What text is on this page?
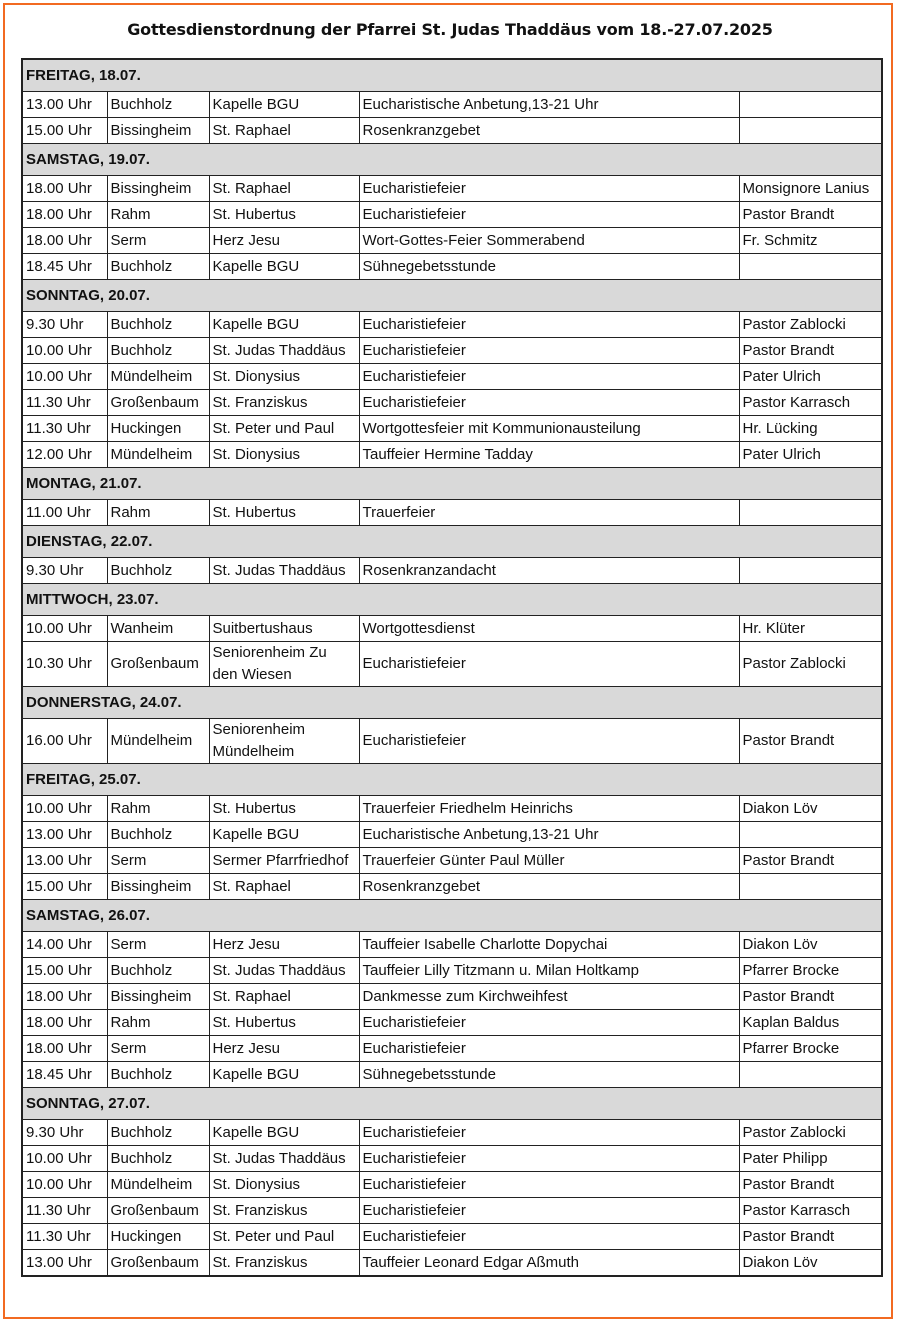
Gottesdienstordnung der Pfarrei St. Judas Thaddäus vom 18.-27.07.2025
FREITAG, 18.07.				
13.00 Uhr	Buchholz	Kapelle BGU	Eucharistische Anbetung,13-21 Uhr	
15.00 Uhr	Bissingheim	St. Raphael	Rosenkranzgebet	
SAMSTAG, 19.07.				
18.00 Uhr	Bissingheim	St. Raphael	Eucharistiefeier	Monsignore Lanius
18.00 Uhr	Rahm	St. Hubertus	Eucharistiefeier	Pastor Brandt
18.00 Uhr	Serm	Herz Jesu	Wort-Gottes-Feier Sommerabend	Fr. Schmitz
18.45 Uhr	Buchholz	Kapelle BGU	Sühnegebetsstunde	
SONNTAG, 20.07.				
9.30 Uhr	Buchholz	Kapelle BGU	Eucharistiefeier	Pastor Zablocki
10.00 Uhr	Buchholz	St. Judas Thaddäus	Eucharistiefeier	Pastor Brandt
10.00 Uhr	Mündelheim	St. Dionysius	Eucharistiefeier	Pater Ulrich
11.30 Uhr	Großenbaum	St. Franziskus	Eucharistiefeier	Pastor Karrasch
11.30 Uhr	Huckingen	St. Peter und Paul	Wortgottesfeier mit Kommunionausteilung	Hr. Lücking
12.00 Uhr	Mündelheim	St. Dionysius	Tauffeier Hermine Tadday	Pater Ulrich
MONTAG, 21.07.				
11.00 Uhr	Rahm	St. Hubertus	Trauerfeier	
DIENSTAG, 22.07.				
9.30 Uhr	Buchholz	St. Judas Thaddäus	Rosenkranzandacht	
MITTWOCH, 23.07.				
10.00 Uhr	Wanheim	Suitbertushaus	Wortgottesdienst	Hr. Klüter
10.30 Uhr	Großenbaum	Seniorenheim Zu den Wiesen	Eucharistiefeier	Pastor Zablocki
DONNERSTAG, 24.07.				
16.00 Uhr	Mündelheim	Seniorenheim Mündelheim	Eucharistiefeier	Pastor Brandt
FREITAG, 25.07.				
10.00 Uhr	Rahm	St. Hubertus	Trauerfeier Friedhelm Heinrichs	Diakon Löv
13.00 Uhr	Buchholz	Kapelle BGU	Eucharistische Anbetung,13-21 Uhr	
13.00 Uhr	Serm	Sermer Pfarrfriedhof	Trauerfeier Günter Paul Müller	Pastor Brandt
15.00 Uhr	Bissingheim	St. Raphael	Rosenkranzgebet	
SAMSTAG, 26.07.				
14.00 Uhr	Serm	Herz Jesu	Tauffeier Isabelle Charlotte Dopychai	Diakon Löv
15.00 Uhr	Buchholz	St. Judas Thaddäus	Tauffeier Lilly Titzmann u. Milan Holtkamp	Pfarrer Brocke
18.00 Uhr	Bissingheim	St. Raphael	Dankmesse zum Kirchweihfest	Pastor Brandt
18.00 Uhr	Rahm	St. Hubertus	Eucharistiefeier	Kaplan Baldus
18.00 Uhr	Serm	Herz Jesu	Eucharistiefeier	Pfarrer Brocke
18.45 Uhr	Buchholz	Kapelle BGU	Sühnegebetsstunde	
SONNTAG, 27.07.				
9.30 Uhr	Buchholz	Kapelle BGU	Eucharistiefeier	Pastor Zablocki
10.00 Uhr	Buchholz	St. Judas Thaddäus	Eucharistiefeier	Pater Philipp
10.00 Uhr	Mündelheim	St. Dionysius	Eucharistiefeier	Pastor Brandt
11.30 Uhr	Großenbaum	St. Franziskus	Eucharistiefeier	Pastor Karrasch
11.30 Uhr	Huckingen	St. Peter und Paul	Eucharistiefeier	Pastor Brandt
13.00 Uhr	Großenbaum	St. Franziskus	Tauffeier Leonard Edgar Aßmuth	Diakon Löv
